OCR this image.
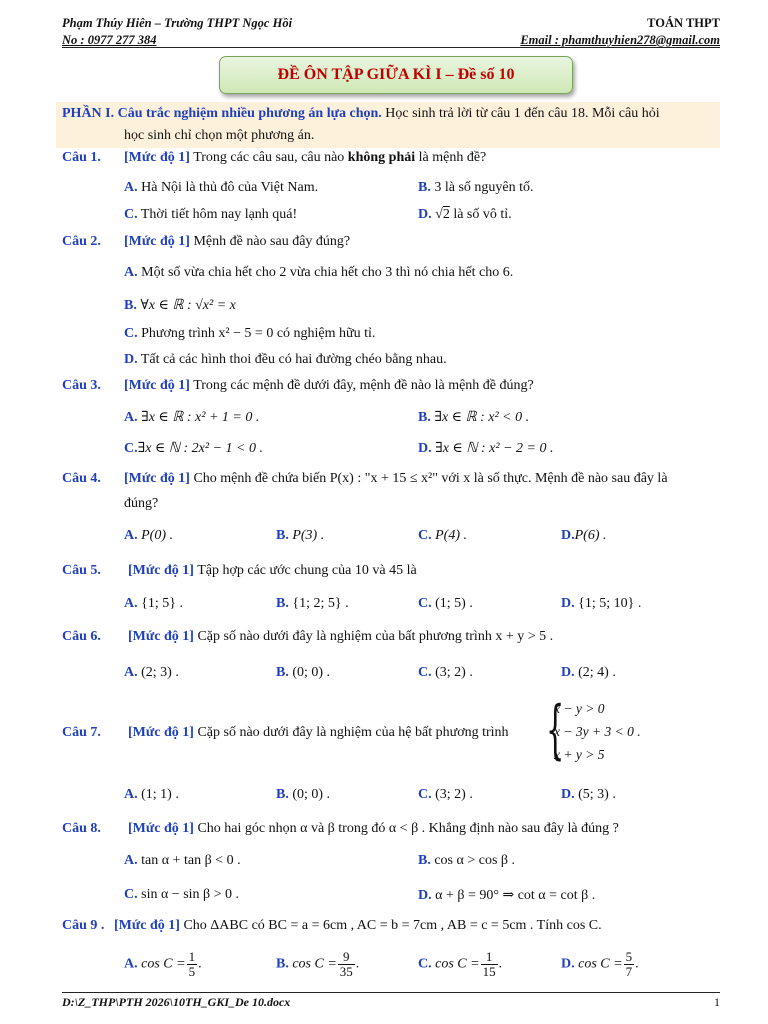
Phạm Thúy Hiên – Trường THPT Ngọc Hồi	TOÁN THPT
No : 0977 277 384	Email : phamthuyhien278@gmail.com
ĐỀ ÔN TẬP GIỮA KÌ I – Đề số 10
PHẦN I. Câu trắc nghiệm nhiều phương án lựa chọn. Học sinh trả lời từ câu 1 đến câu 18. Mỗi câu hỏi
học sinh chỉ chọn một phương án.
Câu 1. [Mức độ 1] Trong các câu sau, câu nào không phải là mệnh đề?
A. Hà Nội là thủ đô của Việt Nam.	B. 3 là số nguyên tố.
C. Thời tiết hôm nay lạnh quá!	D. √2 là số vô tỉ.
Câu 2. [Mức độ 1] Mệnh đề nào sau đây đúng?
A. Một số vừa chia hết cho 2 vừa chia hết cho 3 thì nó chia hết cho 6.
B. ∀x ∈ ℝ : √x² = x
C. Phương trình x² − 5 = 0 có nghiệm hữu tỉ.
D. Tất cả các hình thoi đều có hai đường chéo bằng nhau.
Câu 3. [Mức độ 1] Trong các mệnh đề dưới đây, mệnh đề nào là mệnh đề đúng?
A. ∃x ∈ ℝ : x² + 1 = 0 .	B. ∃x ∈ ℝ : x² < 0 .
C.∃x ∈ ℕ : 2x² − 1 < 0 .	D. ∃x ∈ ℕ : x² − 2 = 0 .
Câu 4. [Mức độ 1] Cho mệnh đề chứa biến P(x) : "x + 15 ≤ x²" với x là số thực. Mệnh đề nào sau đây là
đúng?
A. P(0) .	B. P(3) .	C. P(4) .	D.P(6) .
Câu 5. [Mức độ 1] Tập hợp các ước chung của 10 và 45 là
A. {1; 5} .	B. {1; 2; 5} .	C. (1; 5) .	D. {1; 5; 10} .
Câu 6. [Mức độ 1] Cặp số nào dưới đây là nghiệm của bất phương trình x + y > 5 .
A. (2; 3) .	B. (0; 0) .	C. (3; 2) .	D. (2; 4) .
Câu 7. [Mức độ 1] Cặp số nào dưới đây là nghiệm của hệ bất phương trình {
x − y > 0
x − 3y + 3 < 0 .
x + y > 5
A. (1; 1) .	B. (0; 0) .	C. (3; 2) .	D. (5; 3) .
Câu 8. [Mức độ 1] Cho hai góc nhọn α và β trong đó α < β . Khẳng định nào sau đây là đúng ?
A. tan α + tan β < 0 .	B. cos α > cos β .
C. sin α − sin β > 0 .	D. α + β = 90° ⇒ cot α = cot β .
Câu 9 . [Mức độ 1] Cho ΔABC có BC = a = 6cm , AC = b = 7cm , AB = c = 5cm . Tính cos C.
A. $\cos C = \frac{1}{5}$ .	B. $\cos C = \frac{9}{35}$ .	C. $\cos C = \frac{1}{15}$ .	D. $\cos C = \frac{5}{7}$ .
D:\Z_THP\PTH 2026\10TH_GKI_De 10.docx	1
